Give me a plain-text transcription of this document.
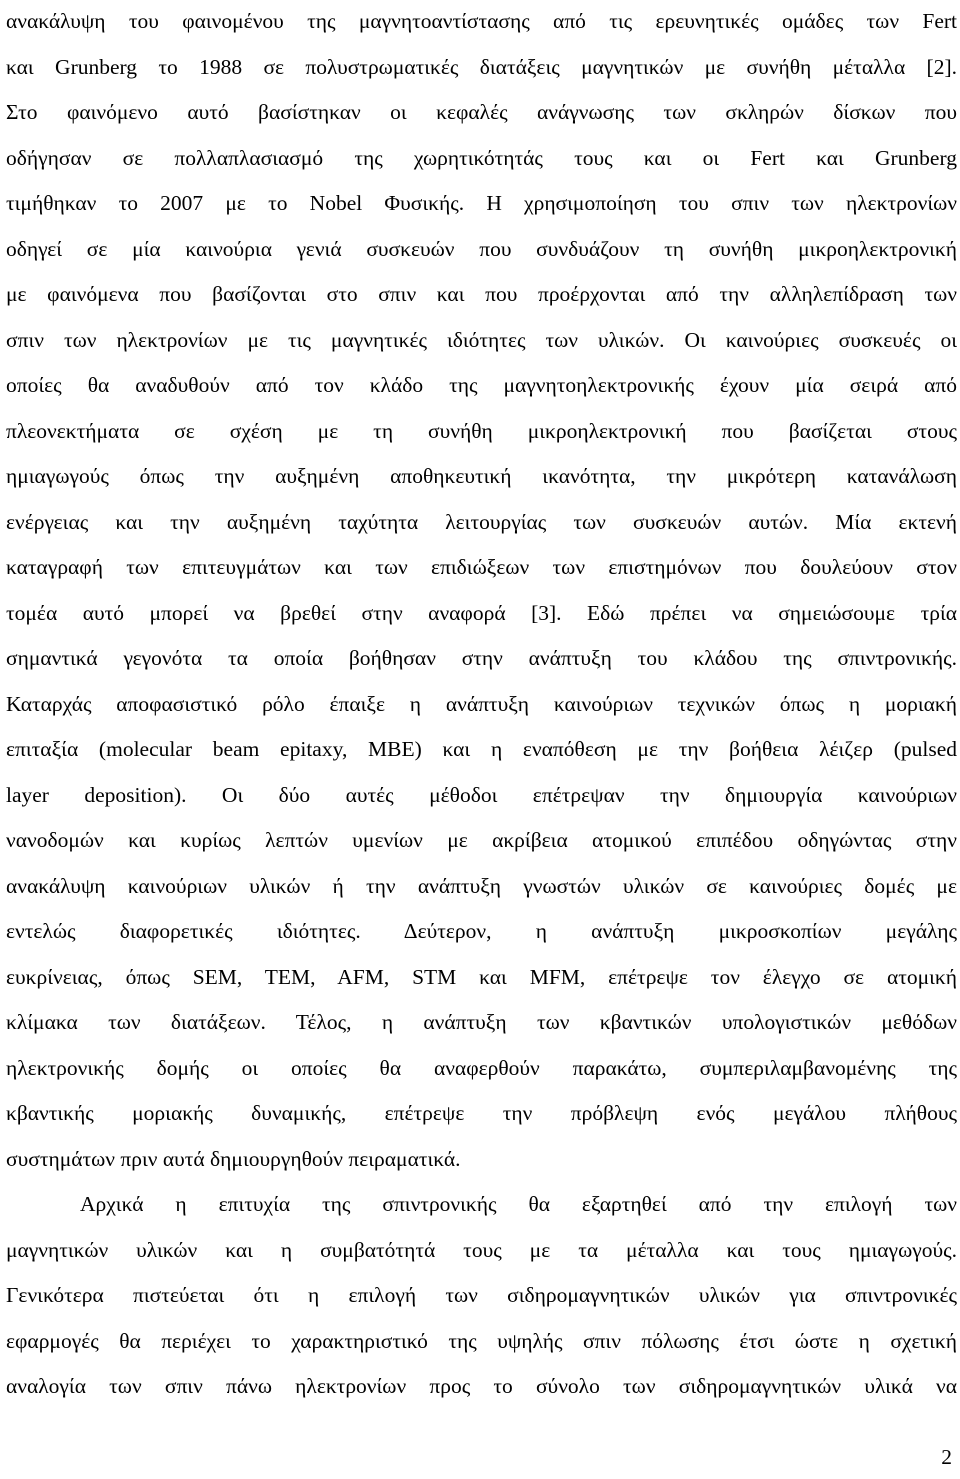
ανακάλυψη του φαινομένου της μαγνητοαντίστασης από τις ερευνητικές ομάδες των Fert
και Grunberg το 1988 σε πολυστρωματικές διατάξεις μαγνητικών με συνήθη μέταλλα [2].
Στο φαινόμενο αυτό βασίστηκαν οι κεφαλές ανάγνωσης των σκληρών δίσκων που
οδήγησαν σε πολλαπλασιασμό της χωρητικότητάς τους και οι Fert και Grunberg
τιμήθηκαν το 2007 με το Nobel Φυσικής. Η χρησιμοποίηση του σπιν των ηλεκτρονίων
οδηγεί σε μία καινούρια γενιά συσκευών που συνδυάζουν τη συνήθη μικροηλεκτρονική
με φαινόμενα που βασίζονται στο σπιν και που προέρχονται από την αλληλεπίδραση των
σπιν των ηλεκτρονίων με τις μαγνητικές ιδιότητες των υλικών. Οι καινούριες συσκευές οι
οποίες θα αναδυθούν από τον κλάδο της μαγνητοηλεκτρονικής έχουν μία σειρά από
πλεονεκτήματα σε σχέση με τη συνήθη μικροηλεκτρονική που βασίζεται στους
ημιαγωγούς όπως την αυξημένη αποθηκευτική ικανότητα, την μικρότερη κατανάλωση
ενέργειας και την αυξημένη ταχύτητα λειτουργίας των συσκευών αυτών. Μία εκτενή
καταγραφή των επιτευγμάτων και των επιδιώξεων των επιστημόνων που δουλεύουν στον
τομέα αυτό μπορεί να βρεθεί στην αναφορά [3]. Εδώ πρέπει να σημειώσουμε τρία
σημαντικά γεγονότα τα οποία βοήθησαν στην ανάπτυξη του κλάδου της σπιντρονικής.
Καταρχάς αποφασιστικό ρόλο έπαιξε η ανάπτυξη καινούριων τεχνικών όπως η μοριακή
επιταξία (molecular beam epitaxy, MBE) και η εναπόθεση με την βοήθεια λέιζερ (pulsed
layer deposition). Οι δύο αυτές μέθοδοι επέτρεψαν την δημιουργία καινούριων
νανοδομών και κυρίως λεπτών υμενίων με ακρίβεια ατομικού επιπέδου οδηγώντας στην
ανακάλυψη καινούριων υλικών ή την ανάπτυξη γνωστών υλικών σε καινούριες δομές με
εντελώς διαφορετικές ιδιότητες. Δεύτερον, η ανάπτυξη μικροσκοπίων μεγάλης
ευκρίνειας, όπως SEM, TEM, AFM, STM και MFM, επέτρεψε τον έλεγχο σε ατομική
κλίμακα των διατάξεων. Τέλος, η ανάπτυξη των κβαντικών υπολογιστικών μεθόδων
ηλεκτρονικής δομής οι οποίες θα αναφερθούν παρακάτω, συμπεριλαμβανομένης της
κβαντικής μοριακής δυναμικής, επέτρεψε την πρόβλεψη ενός μεγάλου πλήθους
συστημάτων πριν αυτά δημιουργηθούν πειραματικά.
Αρχικά η επιτυχία της σπιντρονικής θα εξαρτηθεί από την επιλογή των
μαγνητικών υλικών και η συμβατότητά τους με τα μέταλλα και τους ημιαγωγούς.
Γενικότερα πιστεύεται ότι η επιλογή των σιδηρομαγνητικών υλικών για σπιντρονικές
εφαρμογές θα περιέχει το χαρακτηριστικό της υψηλής σπιν πόλωσης έτσι ώστε η σχετική
αναλογία των σπιν πάνω ηλεκτρονίων προς το σύνολο των σιδηρομαγνητικών υλικά να
2
